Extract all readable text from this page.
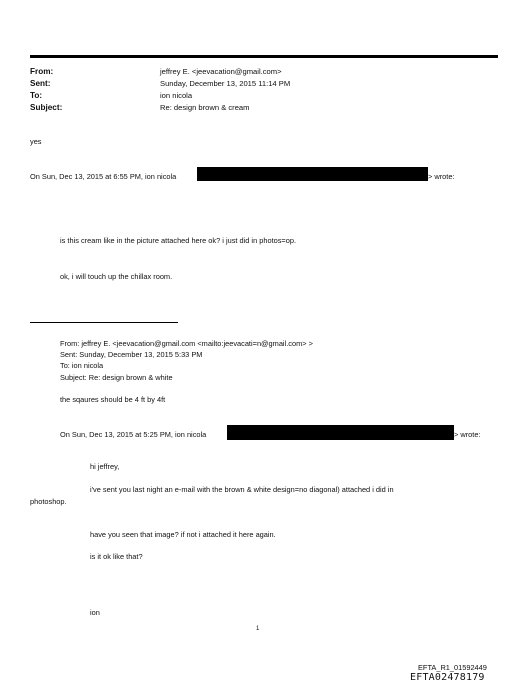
From:	jeffrey E. <jeevacation@gmail.com>
Sent:	Sunday, December 13, 2015 11:14 PM
To:	ion nicola
Subject:	Re: design brown & cream
yes
On Sun, Dec 13, 2015 at 6:55 PM, ion nicola	> wrote:
is this cream like in the picture attached here ok? i just did in photos=op.
ok, i will touch up the chillax room.
From: jeffrey E. <jeevacation@gmail.com <mailto:jeevacati=n@gmail.com> >
Sent: Sunday, December 13, 2015 5:33 PM
To: ion nicola
Subject: Re: design brown & white
the sqaures should be 4 ft by 4ft
On Sun, Dec 13, 2015 at 5:25 PM, ion nicola	> wrote:
hi jeffrey,
i've sent you last night an e-mail with the brown & white design=no diagonal) attached i did in
photoshop.
have you seen that image? if not i attached it here again.
is it ok like that?
ion
1
EFTA_R1_01592449
EFTA02478179
